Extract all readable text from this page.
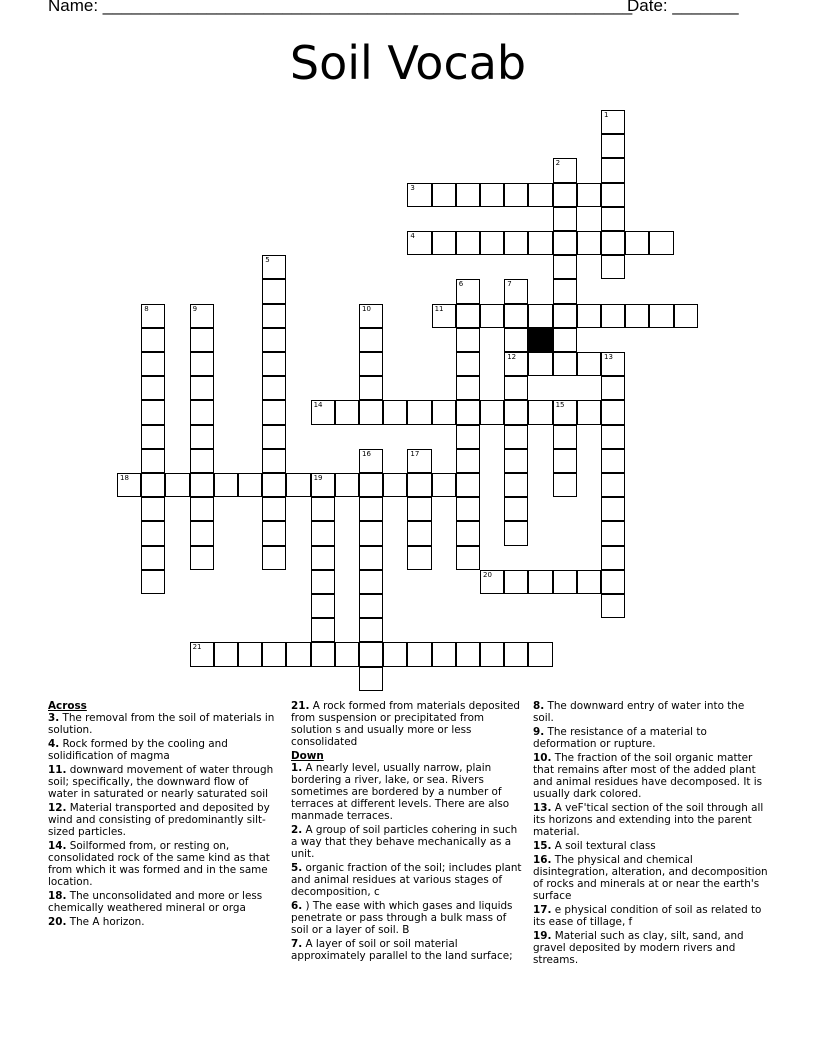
Name: ________________________________________________________
Date: _______
Soil Vocab
1
2
3
4
5
6	7
12
8	9	10	11
13
14	15
16	17
18	19
20
21
Across
3. The removal from the soil of materials in solution.
4. Rock formed by the cooling and solidification of magma
11. downward movement of water through soil; specifically, the downward flow of water in saturated or nearly saturated soil
12. Material transported and deposited by wind and consisting of predominantly silt-sized particles.
14. Soilformed from, or resting on, consolidated rock of the same kind as that from which it was formed and in the same location.
18. The unconsolidated and more or less chemically weathered mineral or orga
20. The A horizon.
21. A rock formed from materials deposited from suspension or precipitated from solution s and usually more or less consolidated
Down
1. A nearly level, usually narrow, plain bordering a river, lake, or sea. Rivers sometimes are bordered by a number of terraces at different levels. There are also manmade terraces.
2. A group of soil particles cohering in such a way that they behave mechanically as a unit.
5. organic fraction of the soil; includes plant and animal residues at various stages of decomposition, c
6. ) The ease with which gases and liquids penetrate or pass through a bulk mass of soil or a layer of soil. B
7. A layer of soil or soil material approximately parallel to the land surface;
8. The downward entry of water into the soil.
9. The resistance of a material to deformation or rupture.
10. The fraction of the soil organic matter that remains after most of the added plant and animal residues have decomposed. It is usually dark colored.
13. A veF'tical section of the soil through all its horizons and extending into the parent material.
15. A soil textural class
16. The physical and chemical disintegration, alteration, and decomposition of rocks and minerals at or near the earth's surface
17. e physical condition of soil as related to its ease of tillage, f
19. Material such as clay, silt, sand, and gravel deposited by modern rivers and streams.
